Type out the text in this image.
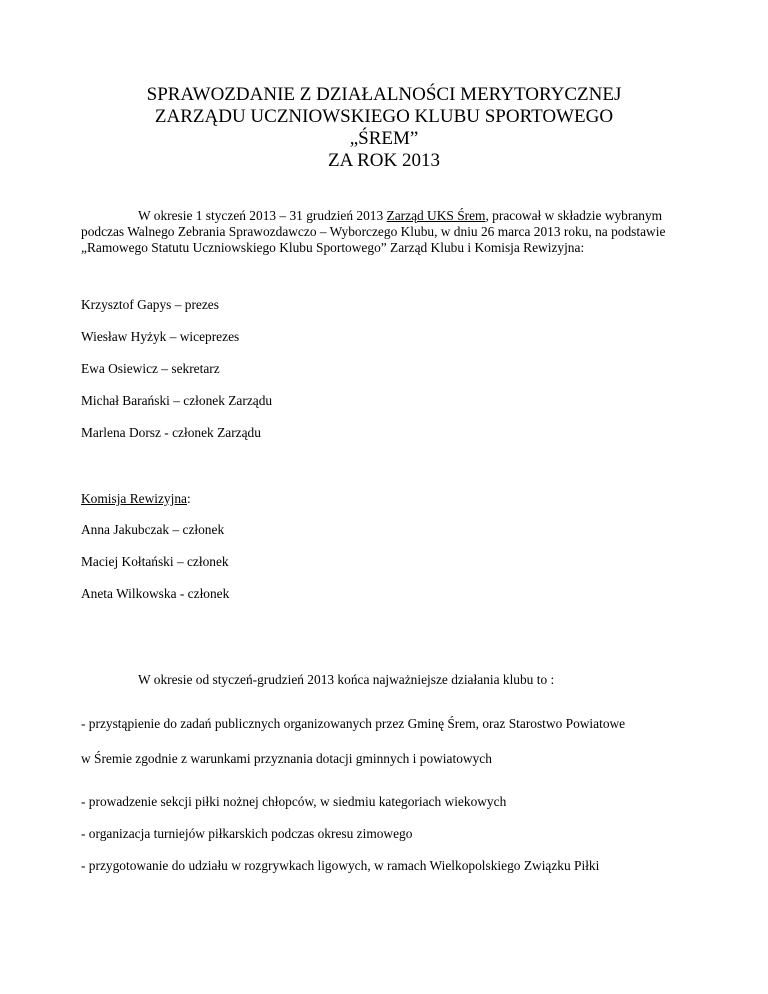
SPRAWOZDANIE Z DZIAŁALNOŚCI MERYTORYCZNEJ
ZARZĄDU UCZNIOWSKIEGO KLUBU SPORTOWEGO
„ŚREM”
ZA ROK 2013
W okresie 1 styczeń 2013 – 31 grudzień 2013 Zarząd UKS Śrem, pracował w składzie wybranym podczas Walnego Zebrania Sprawozdawczo – Wyborczego Klubu, w dniu 26 marca 2013 roku, na podstawie „Ramowego Statutu Uczniowskiego Klubu Sportowego” Zarząd Klubu i Komisja Rewizyjna:
Krzysztof Gapys – prezes
Wiesław Hyżyk – wiceprezes
Ewa Osiewicz – sekretarz
Michał Barański – członek Zarządu
Marlena Dorsz - członek Zarządu
Komisja Rewizyjna:
Anna Jakubczak – członek
Maciej Kołtański – członek
Aneta Wilkowska - członek
W okresie od styczeń-grudzień 2013 końca najważniejsze działania klubu to :
- przystąpienie do zadań publicznych organizowanych przez Gminę Śrem, oraz Starostwo Powiatowe
w Śremie zgodnie z warunkami przyznania dotacji gminnych i powiatowych
- prowadzenie sekcji piłki nożnej chłopców, w siedmiu kategoriach wiekowych
- organizacja turniejów piłkarskich podczas okresu zimowego
- przygotowanie do udziału w rozgrywkach ligowych, w ramach Wielkopolskiego Związku Piłki
